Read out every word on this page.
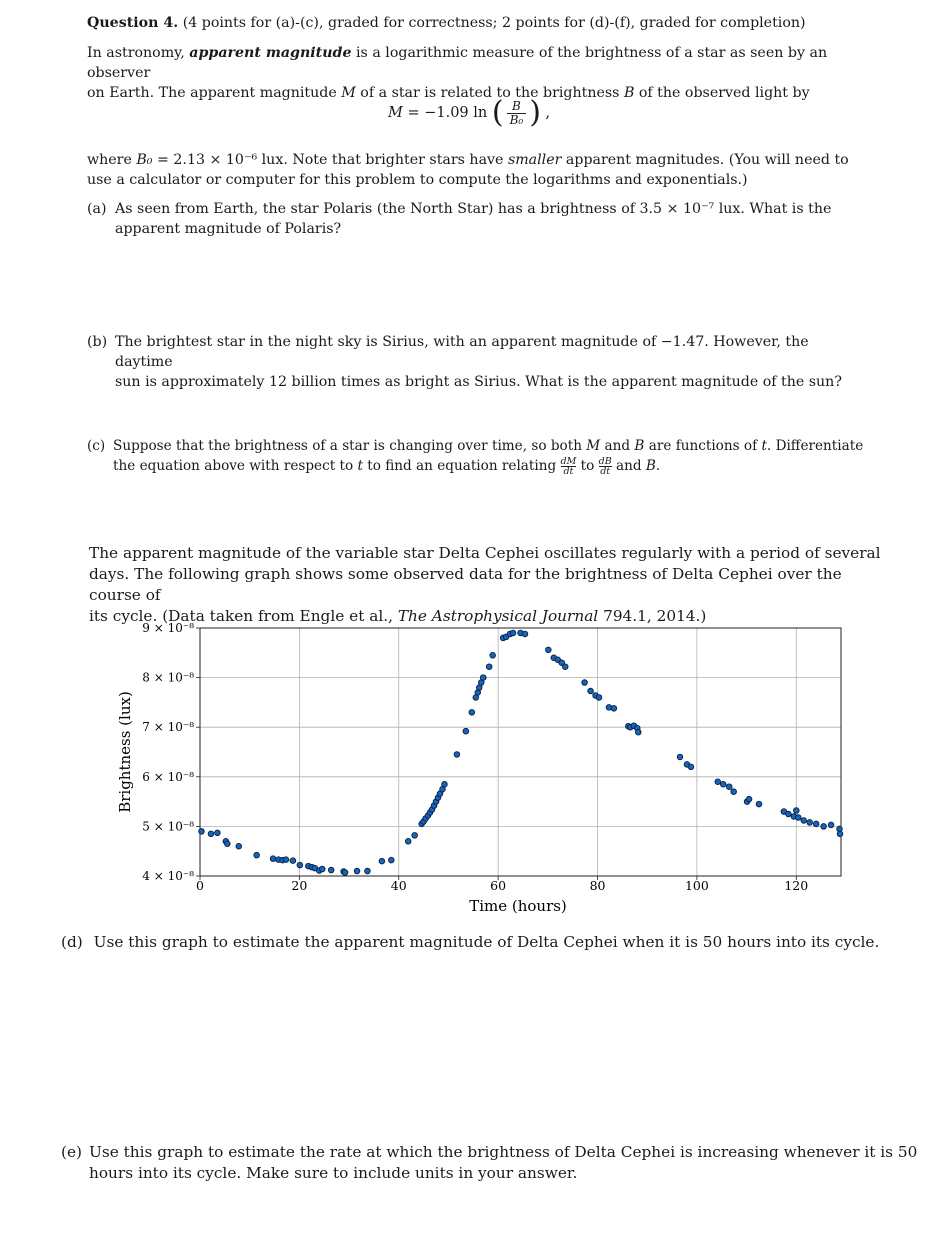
Question 4. (4 points for (a)-(c), graded for correctness; 2 points for (d)-(f), graded for completion)
In astronomy, apparent magnitude is a logarithmic measure of the brightness of a star as seen by an observer
on Earth. The apparent magnitude M of a star is related to the brightness B of the observed light by
M = −1.09 ln ( $\frac{B}{\text{B₀}}$ ) ,
where B₀ = 2.13 × 10⁻⁶ lux. Note that brighter stars have smaller apparent magnitudes. (You will need to
use a calculator or computer for this problem to compute the logarithms and exponentials.)
(a) As seen from Earth, the star Polaris (the North Star) has a brightness of 3.5 × 10⁻⁷ lux. What is the
apparent magnitude of Polaris?
(b) The brightest star in the night sky is Sirius, with an apparent magnitude of −1.47. However, the daytime
sun is approximately 12 billion times as bright as Sirius. What is the apparent magnitude of the sun?
(c) Suppose that the brightness of a star is changing over time, so both M and B are functions of t. Differentiate
the equation above with respect to t to find an equation relating $\frac{dM}{dt}$ to $\frac{dB}{dt}$ and B.
The apparent magnitude of the variable star Delta Cephei oscillates regularly with a period of several
days. The following graph shows some observed data for the brightness of Delta Cephei over the course of
its cycle. (Data taken from Engle et al., The Astrophysical Journal 794.1, 2014.)
0	20	40	60	80	100	120
4 × 10⁻⁸
5 × 10⁻⁸
6 × 10⁻⁸
7 × 10⁻⁸
8 × 10⁻⁸
9 × 10⁻⁸
Time (hours)
Brightness (lux)
(d) Use this graph to estimate the apparent magnitude of Delta Cephei when it is 50 hours into its cycle.
(e) Use this graph to estimate the rate at which the brightness of Delta Cephei is increasing whenever it is 50
hours into its cycle. Make sure to include units in your answer.
